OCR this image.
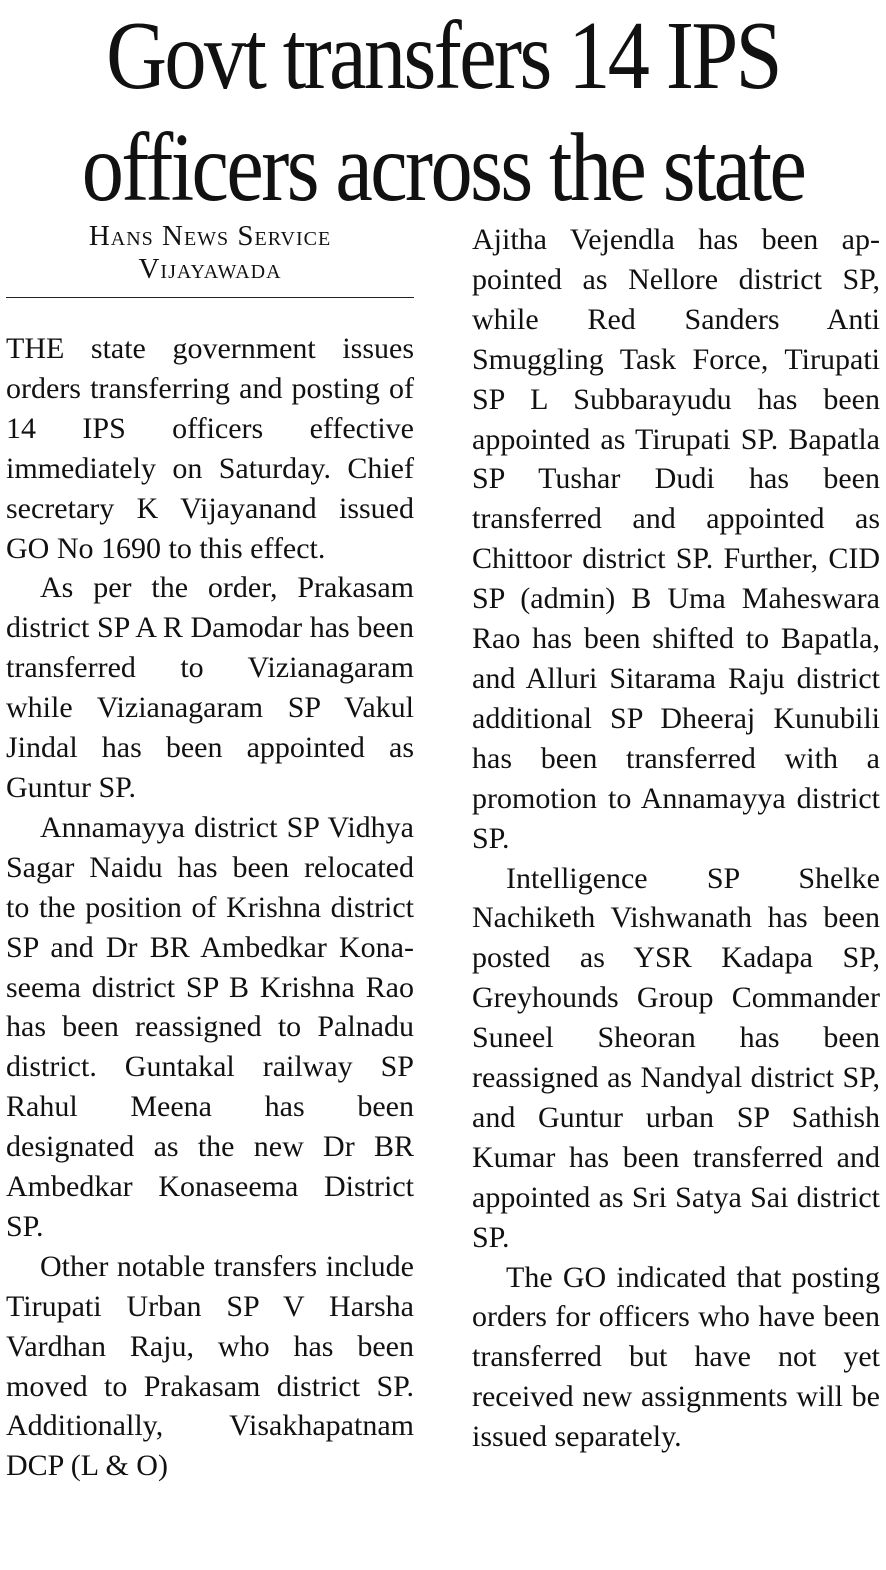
Govt transfers 14 IPS
officers across the state
Hans News Service
Vijayawada

THE state government issues orders transferring and posting of 14 IPS officers effective immediately on Saturday. Chief secretary K Vijayanand issued GO No 1690 to this effect.

As per the order, Prakasam district SP A R Damodar has been transferred to Vizianagaram while Vizianagaram SP Vakul Jindal has been appointed as Guntur SP.

Annamayya district SP Vidhya Sagar Naidu has been relocated to the position of Krishna district SP and Dr BR Ambedkar Konaseema district SP B Krishna Rao has been reassigned to Palnadu district. Guntakal railway SP Rahul Meena has been designated as the new Dr BR Ambedkar Konaseema District SP.

Other notable transfers include Tirupati Urban SP V Harsha Vardhan Raju, who has been moved to Prakasam district SP. Additionally, Visakhapatnam DCP (L & O)

Ajitha Vejendla has been appointed as Nellore district SP, while Red Sanders Anti Smuggling Task Force, Tirupati SP L Subbarayudu has been appointed as Tirupati SP. Bapatla SP Tushar Dudi has been transferred and appointed as Chittoor district SP. Further, CID SP (admin) B Uma Maheswara Rao has been shifted to Bapatla, and Alluri Sitarama Raju district additional SP Dheeraj Kunubili has been transferred with a promotion to Annamayya district SP.

Intelligence SP Shelke Nachiketh Vishwanath has been posted as YSR Kadapa SP, Greyhounds Group Commander Suneel Sheoran has been reassigned as Nandyal district SP, and Guntur urban SP Sathish Kumar has been transferred and appointed as Sri Satya Sai district SP.

The GO indicated that posting orders for officers who have been transferred but have not yet received new assignments will be issued separately.
